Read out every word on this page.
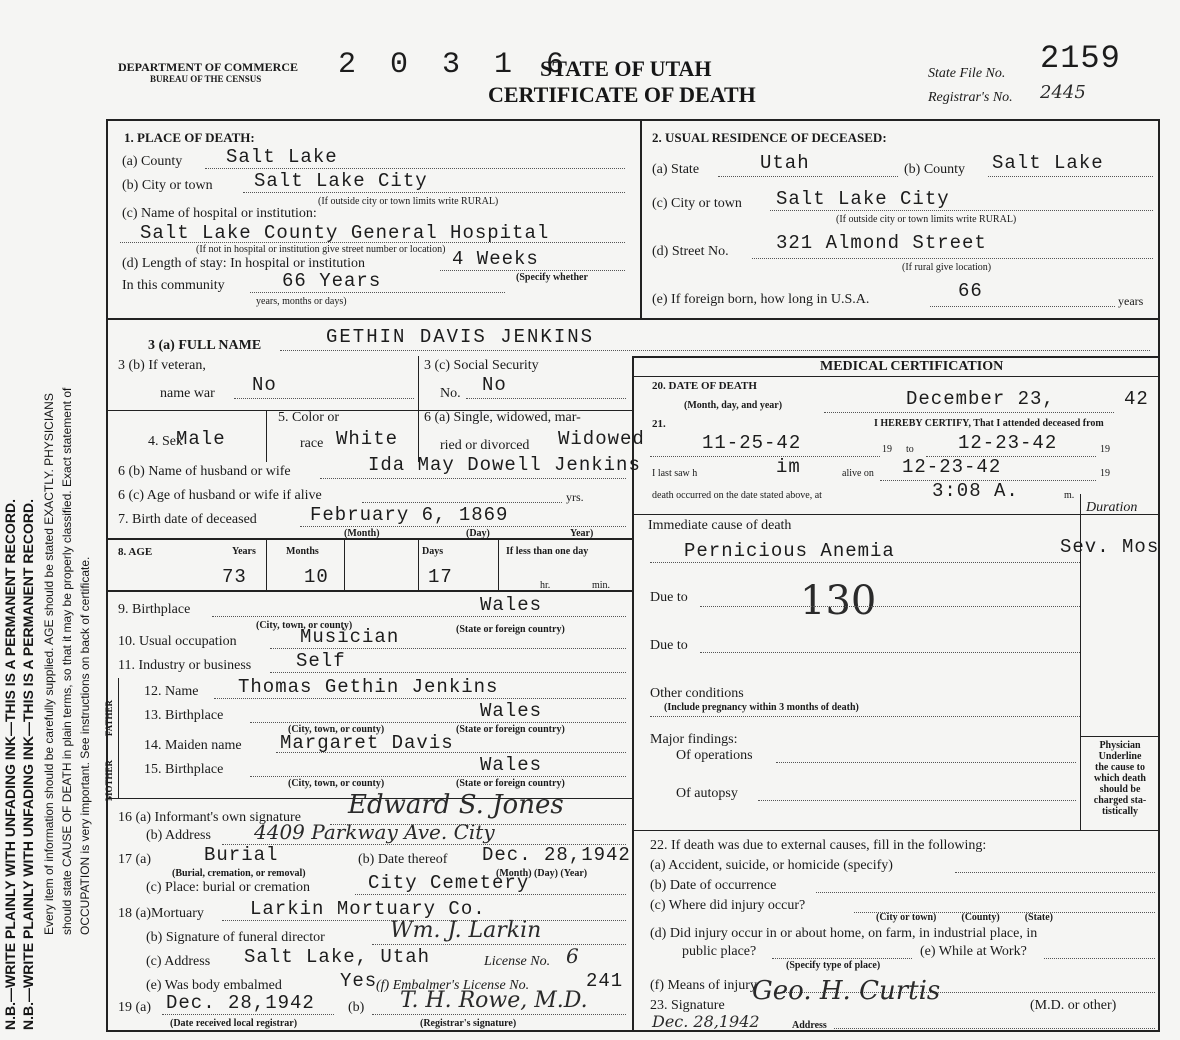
N.B.—WRITE PLAINLY WITH UNFADING INK—THIS IS A PERMANENT RECORD. N.B.—WRITE PLAINLY WITH UNFADING INK—THIS IS A PERMANENT RECORD. Every item of information should be carefully supplied. AGE should be stated EXACTLY. PHYSICIANS should state CAUSE OF DEATH in plain terms, so that it may be properly classified. Exact statement of OCCUPATION is very important. See instructions on back of certificate.
DEPARTMENT OF COMMERCE
BUREAU OF THE CENSUS	2 0 3 1 6
STATE OF UTAH
CERTIFICATE OF DEATH
State File No. 2159
Registrar's No. 2445
1. PLACE OF DEATH:
(a) County Salt Lake
(b) City or town Salt Lake City
(If outside city or town limits write RURAL)
(c) Name of hospital or institution:
Salt Lake County General Hospital
(If not in hospital or institution give street number or location)
(d) Length of stay: In hospital or institution	4 Weeks
In this community	66 Years	(Specify whether
years, months or days)
2. USUAL RESIDENCE OF DECEASED:
(a) State	Utah	(b) County Salt Lake
(c) City or town Salt Lake City
(If outside city or town limits write RURAL)
(d) Street No. 321 Almond Street
(If rural give location)
(e) If foreign born, how long in U.S.A.	66	years
3 (a) FULL NAME	GETHIN DAVIS JENKINS
MEDICAL CERTIFICATION
3 (b) If veteran,
name war No
3 (c) Social Security
No. No
4. Sex
Male
5. Color or
race White
6 (a) Single, widowed, mar-
ried or divorced Widowed
6 (b) Name of husband or wife	Ida May Dowell Jenkins
6 (c) Age of husband or wife if alive	yrs.
7. Birth date of deceased	February 6, 1869
(Month)	(Day)	Year)
8. AGE	Years	Months	Days	If less than one day
73	10	17	hr.	min.
9. Birthplace	Wales
(City, town, or county)	(State or foreign country)
10. Usual occupation	Musician
11. Industry or business Self
FATHER
MOTHER
12. Name Thomas Gethin Jenkins
13. Birthplace	Wales
(City, town, or county)	(State or foreign country)
14. Maiden name Margaret Davis
15. Birthplace	Wales
(City, town, or county)	(State or foreign country)
16 (a) Informant's own signature Edward S. Jones
(b) Address 4409 Parkway Ave. City
17 (a)	Burial
(Burial, cremation, or removal)
(b) Date thereof Dec. 28,1942
(Month) (Day) (Year)
(c) Place: burial or cremation	City Cemetery
18 (a)Mortuary Larkin Mortuary Co.
(b) Signature of funeral director	Wm. J. Larkin
(c) Address Salt Lake, Utah	License No. 6
(e) Was body embalmed	Yes
(f) Embalmer's License No.	241
19 (a) Dec. 28,1942
(Date received local registrar)
(b) T. H. Rowe, M.D.
(Registrar's signature)
20. DATE OF DEATH
(Month, day, and year)	December 23,	42
21.	I HEREBY CERTIFY, That I attended deceased from
11-25-42	19 to 12-23-42	19
I last saw h	im	alive on 12-23-42	19
death occurred on the date stated above, at	3:08 A.	m.
Immediate cause of death
Duration
Pernicious Anemia	Sev. Mos
Due to	130
Due to
Other conditions
(Include pregnancy within 3 months of death)
Major findings:
Of operations
Of autopsy
Physician
Underline
the cause to
which death
should be
charged sta-
tistically
22. If death was due to external causes, fill in the following:
(a) Accident, suicide, or homicide (specify)
(b) Date of occurrence
(c) Where did injury occur?
(City or town)          (County)          (State)
(d) Did injury occur in or about home, on farm, in industrial place, in
public place?
(Specify type of place)
(e) While at Work?
(f) Means of injury
23. Signature Geo. H. Curtis	(M.D. or other)
Dec. 28,1942	Address
